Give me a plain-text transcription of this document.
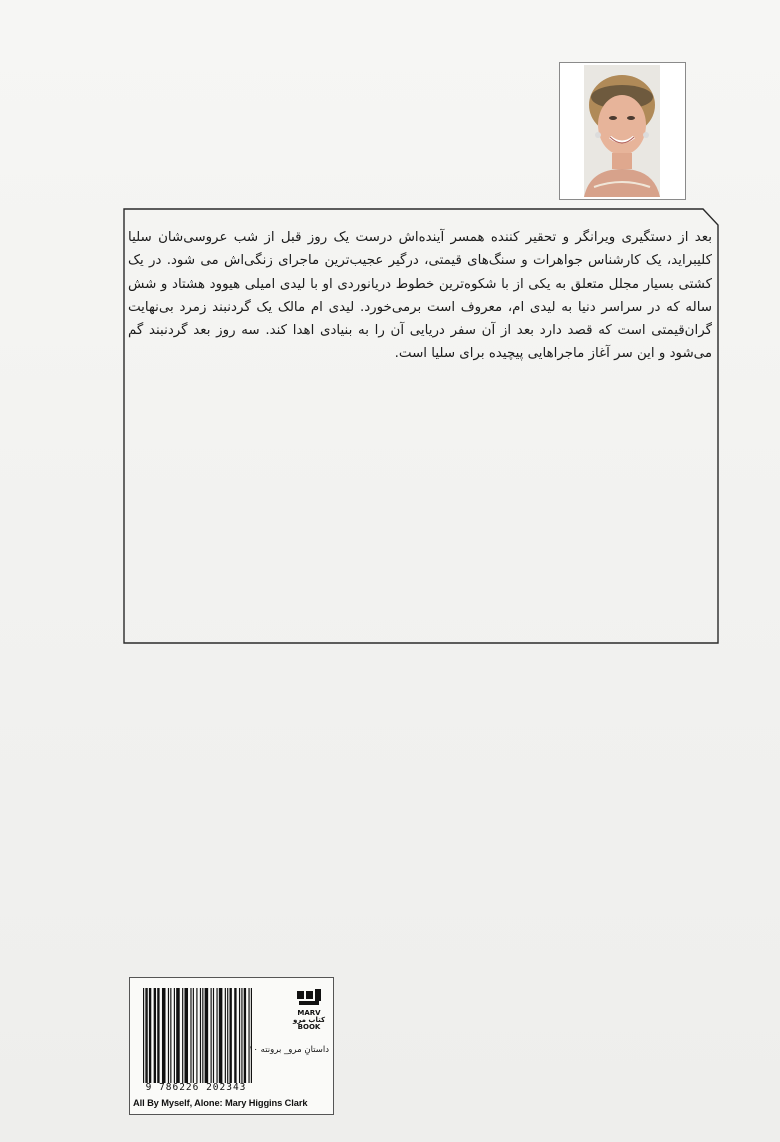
بعد از دستگیری ویرانگر و تحقیر کننده همسر آینده‌اش درست یک روز قبل از شب عروسی‌شان سلیا کلیبراید، یک کارشناس جواهرات و سنگ‌های قیمتی، درگیر عجیب‌ترین ماجرای زنگی‌اش می شود. در یک کشتی بسیار مجلل متعلق به یکی از با شکوه‌ترین خطوط دریانوردی او با لیدی امیلی هیوود هشتاد و شش ساله که در سراسر دنیا به لیدی ام، معروف است برمی‌خورد. لیدی ام مالک یک گردنبند زمرد بی‌نهایت گران‌قیمتی است که قصد دارد بعد از آن سفر دریایی آن را به بنیادی اهدا کند. سه روز بعد گردنبند گم می‌شود و این سر آغاز ماجراهایی پیچیده برای سلیا است.

9 786226 202343
MARV
کتاب مرو
BOOK
داستانِ مرو_ برونته ۱۰
All By Myself, Alone: Mary Higgins Clark
